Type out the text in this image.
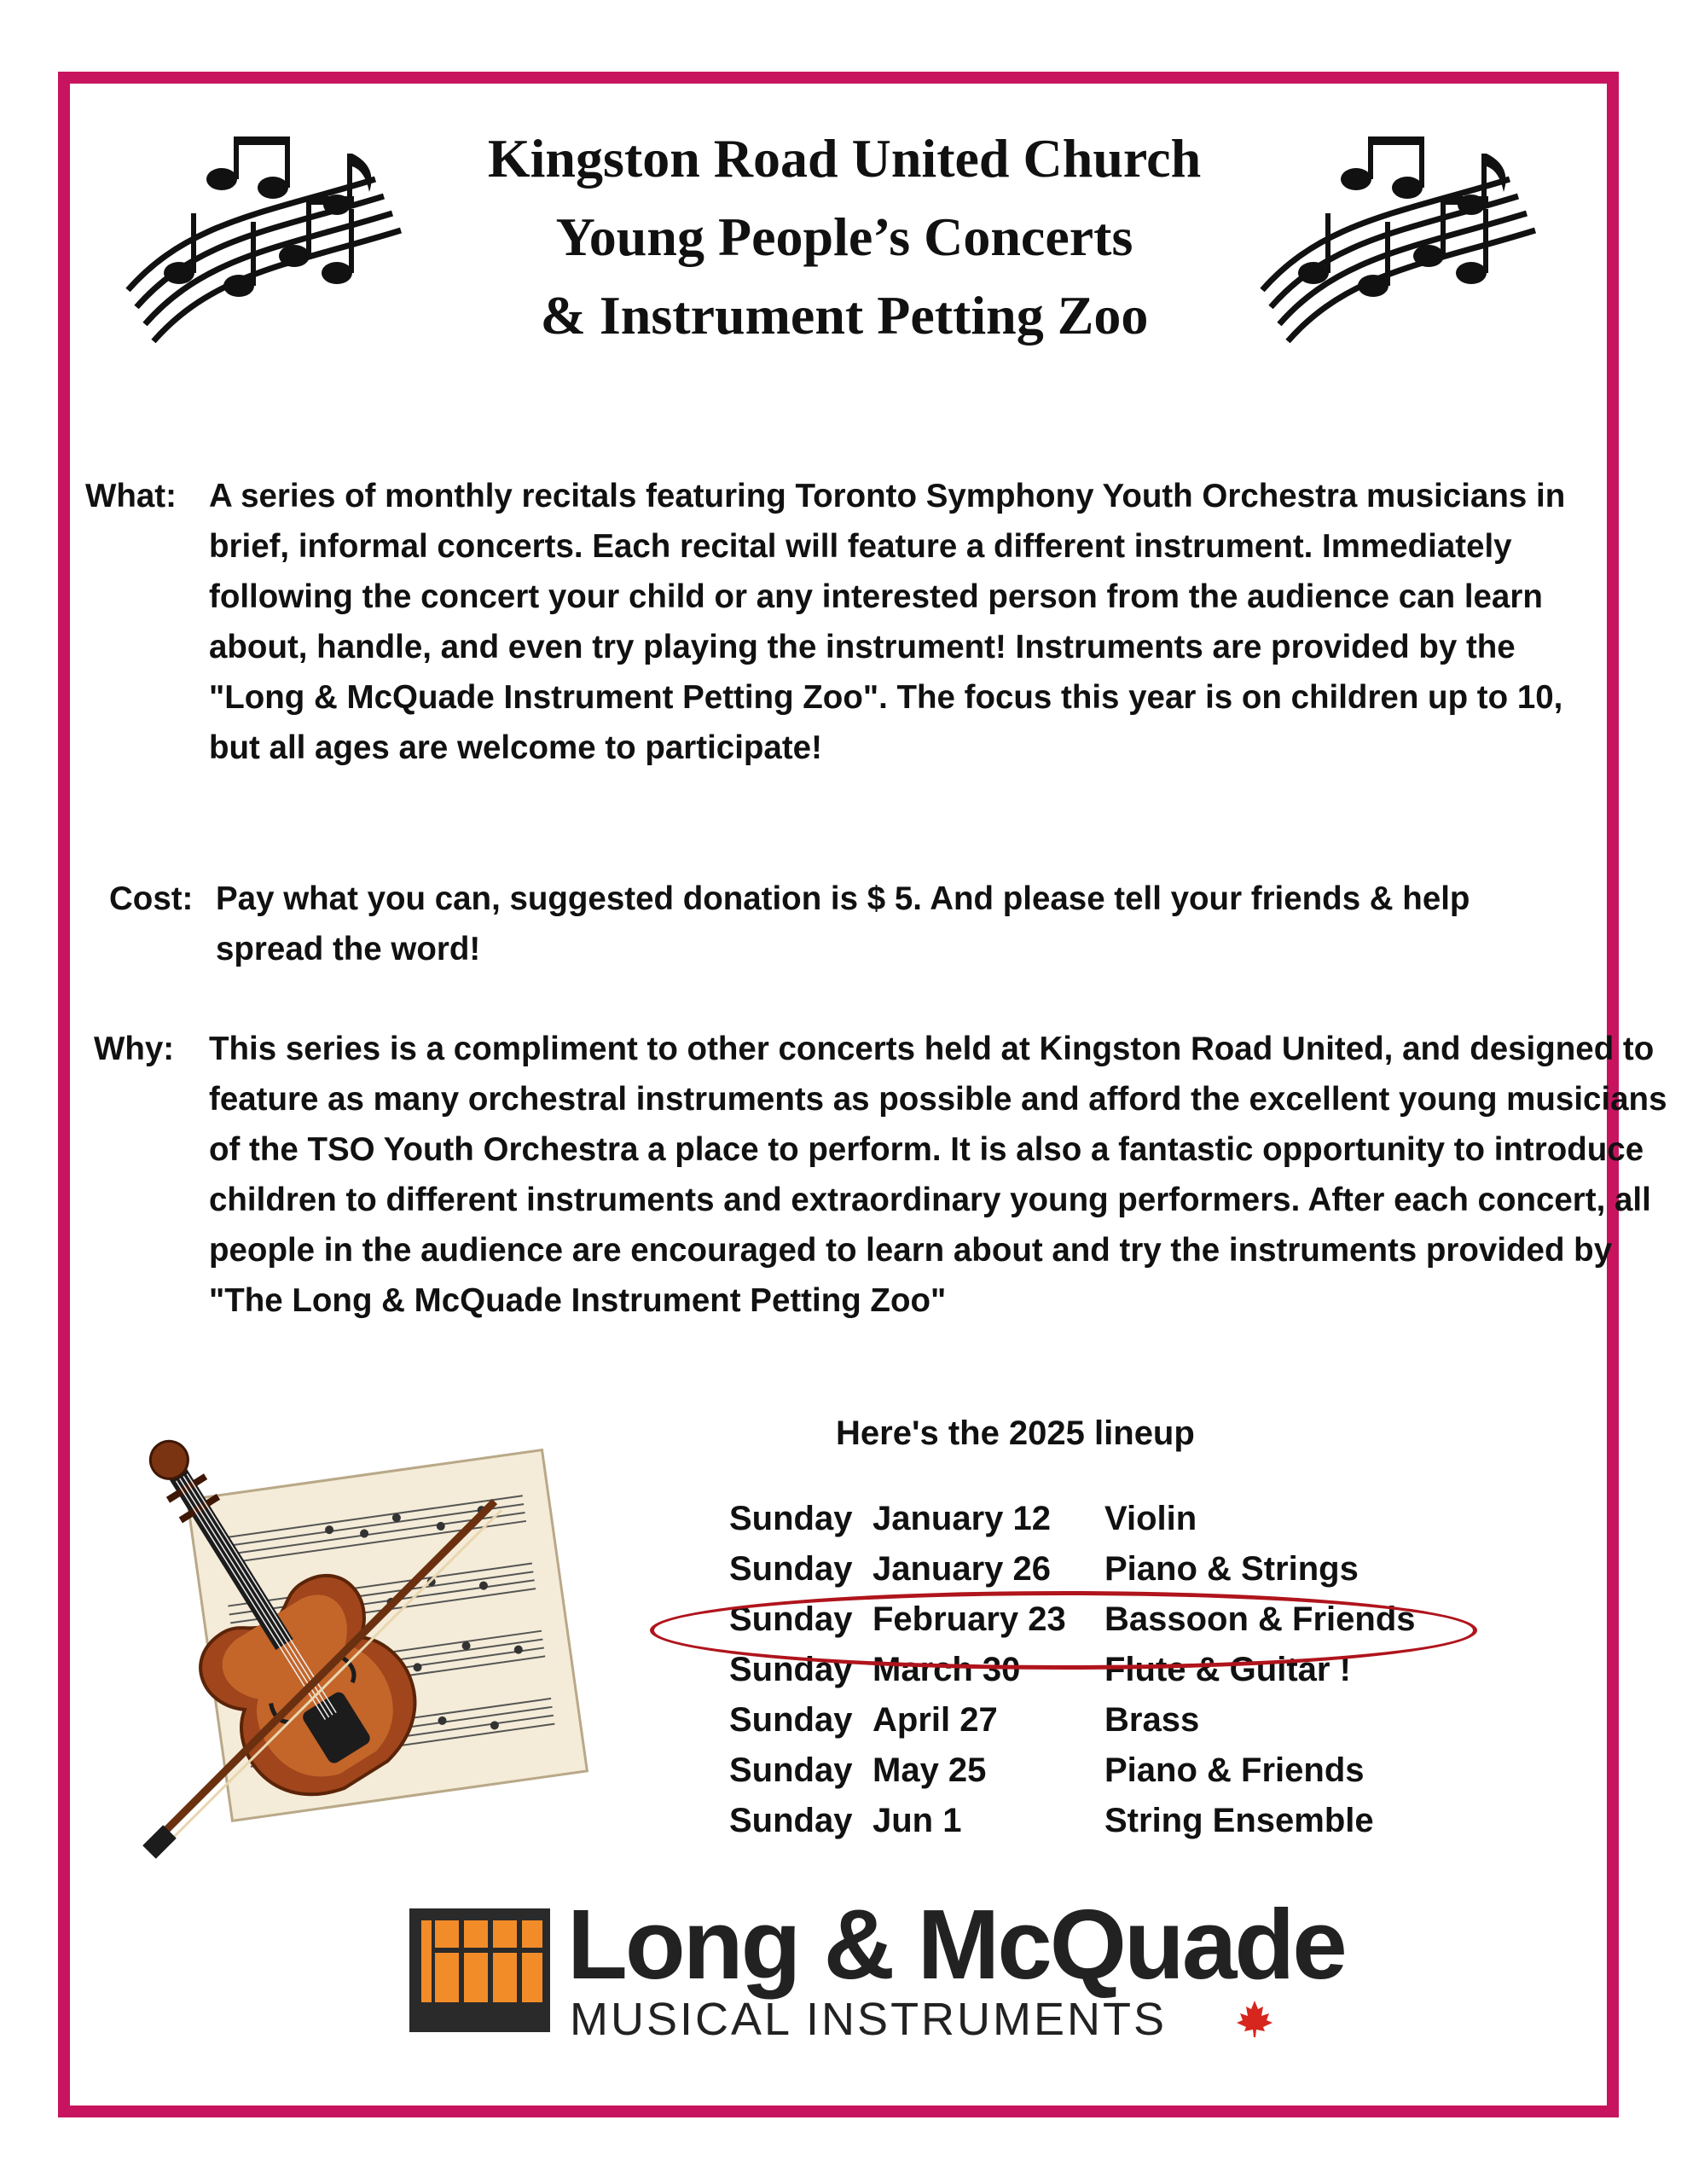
Kingston Road United Church
Young People’s Concerts
& Instrument Petting Zoo
What: A series of monthly recitals featuring Toronto Symphony Youth Orchestra musicians in brief, informal concerts. Each recital will feature a different instrument. Immediately following the concert your child or any interested person from the audience can learn about, handle, and even try playing the instrument! Instruments are provided by the "Long & McQuade Instrument Petting Zoo". The focus this year is on children up to 10, but all ages are welcome to participate!
Cost: Pay what you can, suggested donation is $ 5. And please tell your friends & help spread the word!
Why: This series is a compliment to other concerts held at Kingston Road United, and designed to feature as many orchestral instruments as possible and afford the excellent young musicians of the TSO Youth Orchestra a place to perform. It is also a fantastic opportunity to introduce children to different instruments and extraordinary young performers. After each concert, all people in the audience are encouraged to learn about and try the instruments provided by "The Long & McQuade Instrument Petting Zoo"
Here's the 2025 lineup
Sunday January 12 Violin
Sunday January 26 Piano & Strings
Sunday February 23 Bassoon & Friends
Sunday March 30 Flute & Guitar !
Sunday April 27	Brass
Sunday May 25	Piano & Friends
Sunday Jun 1	String Ensemble
Long & McQuade
MUSICAL INSTRUMENTS
